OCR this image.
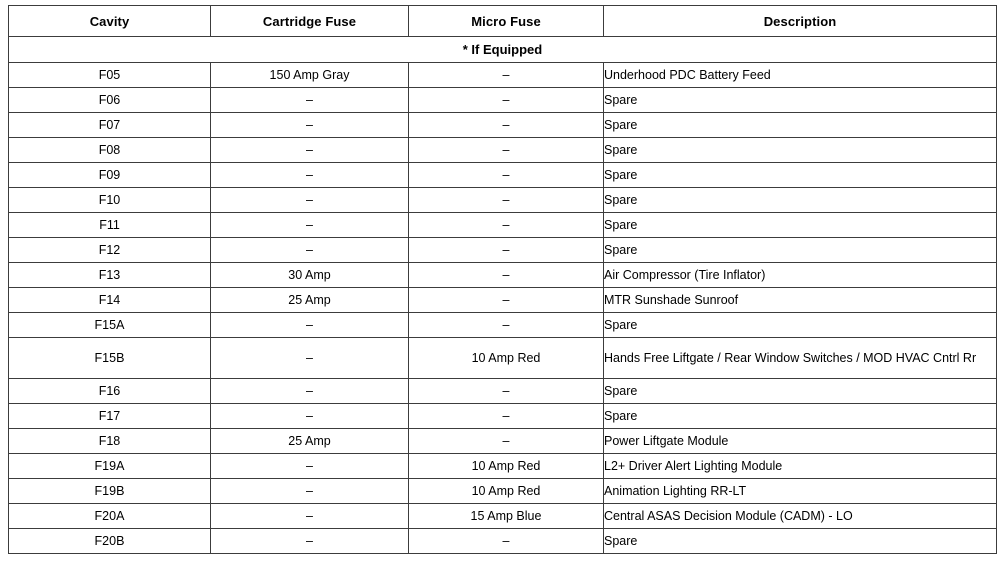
Cavity	Cartridge Fuse	Micro Fuse	Description
* If Equipped			
F05	150 Amp Gray	–	Underhood PDC Battery Feed
F06	–	–	Spare
F07	–	–	Spare
F08	–	–	Spare
F09	–	–	Spare
F10	–	–	Spare
F11	–	–	Spare
F12	–	–	Spare
F13	30 Amp	–	Air Compressor (Tire Inflator)
F14	25 Amp	–	MTR Sunshade Sunroof
F15A	–	–	Spare
F15B	–	10 Amp Red	Hands Free Liftgate / Rear Window Switches / MOD HVAC Cntrl Rr
F16	–	–	Spare
F17	–	–	Spare
F18	25 Amp	–	Power Liftgate Module
F19A	–	10 Amp Red	L2+ Driver Alert Lighting Module
F19B	–	10 Amp Red	Animation Lighting RR-LT
F20A	–	15 Amp Blue	Central ASAS Decision Module (CADM) - LO
F20B	–	–	Spare
